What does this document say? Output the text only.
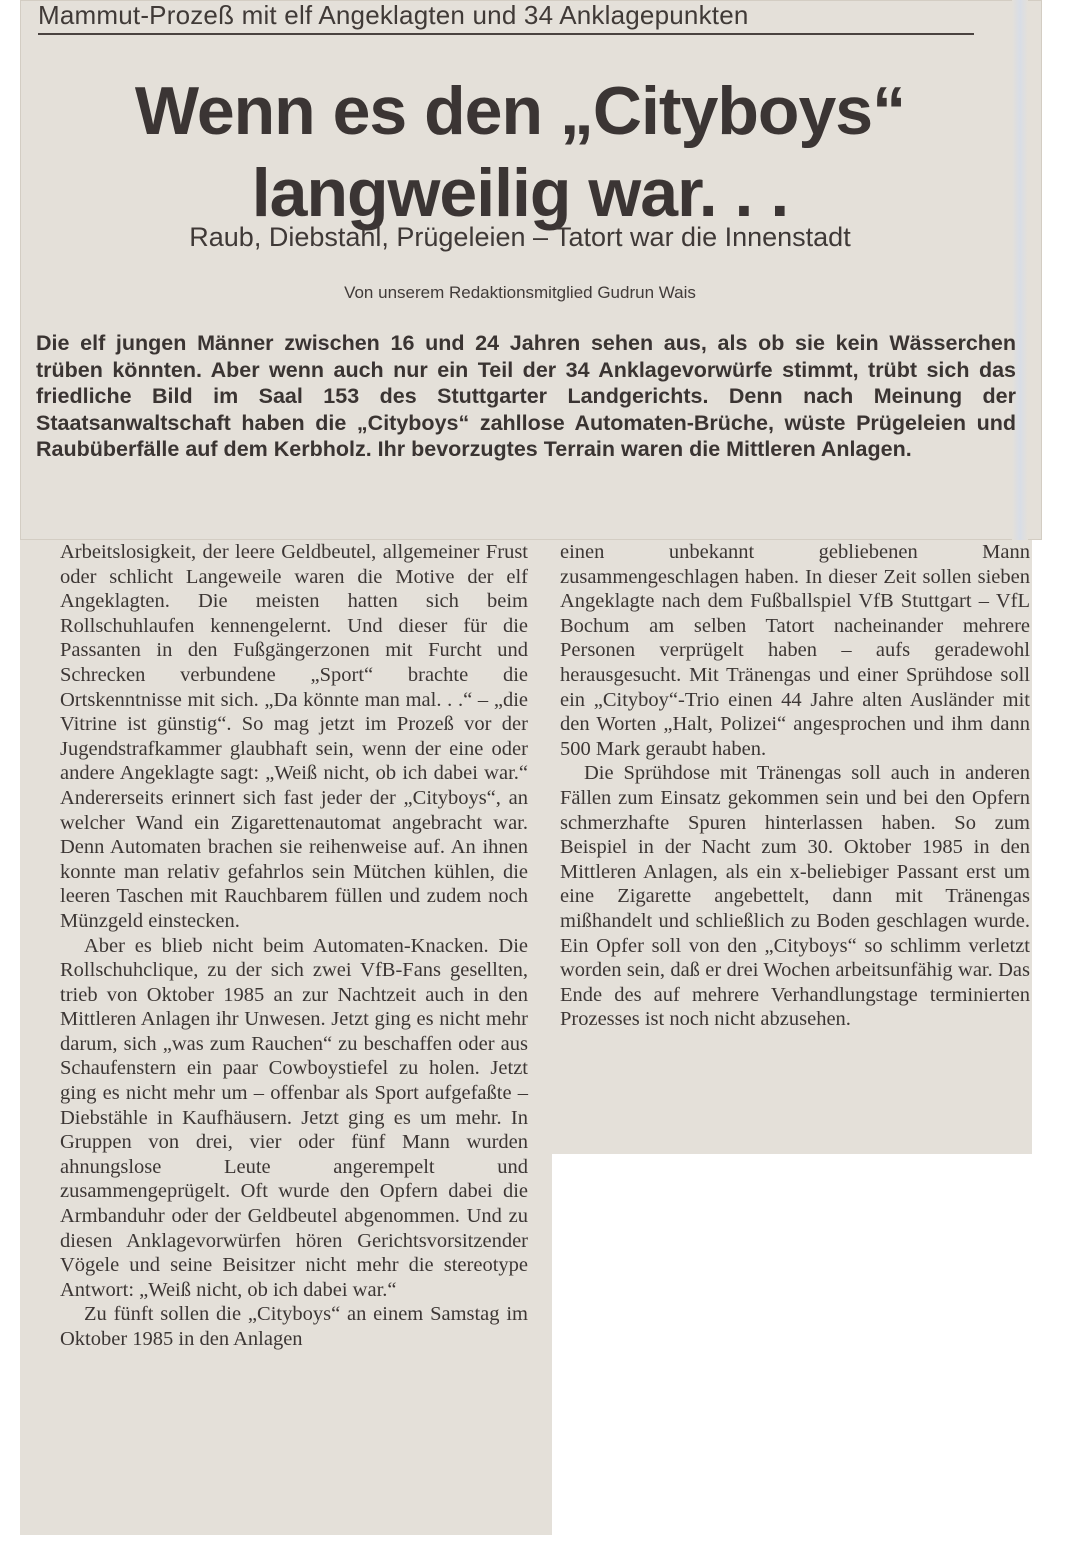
Mammut-Prozeß mit elf Angeklagten und 34 Anklagepunkten
Wenn es den „Cityboys“
langweilig war. . .
Raub, Diebstahl, Prügeleien – Tatort war die Innenstadt
Von unserem Redaktionsmitglied Gudrun Wais

Die elf jungen Männer zwischen 16 und 24 Jahren sehen aus, als ob sie kein Wässerchen trüben könnten. Aber wenn auch nur ein Teil der 34 Anklagevorwürfe stimmt, trübt sich das friedliche Bild im Saal 153 des Stuttgarter Landgerichts. Denn nach Meinung der Staatsanwaltschaft haben die „Cityboys“ zahllose Automaten-Brüche, wüste Prügeleien und Raubüberfälle auf dem Kerbholz. Ihr bevorzugtes Terrain waren die Mittleren Anlagen.

Arbeitslosigkeit, der leere Geldbeutel, allgemeiner Frust oder schlicht Langeweile waren die Motive der elf Angeklagten. Die meisten hatten sich beim Rollschuhlaufen kennengelernt. Und dieser für die Passanten in den Fußgängerzonen mit Furcht und Schrecken verbundene „Sport“ brachte die Ortskenntnisse mit sich. „Da könnte man mal. . .“ – „die Vitrine ist günstig“. So mag jetzt im Prozeß vor der Jugendstrafkammer glaubhaft sein, wenn der eine oder andere Angeklagte sagt: „Weiß nicht, ob ich dabei war.“ Andererseits erinnert sich fast jeder der „Cityboys“, an welcher Wand ein Zigarettenautomat angebracht war. Denn Automaten brachen sie reihenweise auf. An ihnen konnte man relativ gefahrlos sein Mütchen kühlen, die leeren Taschen mit Rauchbarem füllen und zudem noch Münzgeld einstecken.

Aber es blieb nicht beim Automaten-Knacken. Die Rollschuhclique, zu der sich zwei VfB-Fans gesellten, trieb von Oktober 1985 an zur Nachtzeit auch in den Mittleren Anlagen ihr Unwesen. Jetzt ging es nicht mehr darum, sich „was zum Rauchen“ zu beschaffen oder aus Schaufenstern ein paar Cowboystiefel zu holen. Jetzt ging es nicht mehr um – offenbar als Sport aufgefaßte – Diebstähle in Kaufhäusern. Jetzt ging es um mehr. In Gruppen von drei, vier oder fünf Mann wurden ahnungslose Leute angerempelt und zusammengeprügelt. Oft wurde den Opfern dabei die Armbanduhr oder der Geldbeutel abgenommen. Und zu diesen Anklagevorwürfen hören Gerichtsvorsitzender Vögele und seine Beisitzer nicht mehr die stereotype Antwort: „Weiß nicht, ob ich dabei war.“

Zu fünft sollen die „Cityboys“ an einem Samstag im Oktober 1985 in den Anlagen

einen unbekannt gebliebenen Mann zusammengeschlagen haben. In dieser Zeit sollen sieben Angeklagte nach dem Fußballspiel VfB Stuttgart – VfL Bochum am selben Tatort nacheinander mehrere Personen verprügelt haben – aufs geradewohl herausgesucht. Mit Tränengas und einer Sprühdose soll ein „Cityboy“-Trio einen 44 Jahre alten Ausländer mit den Worten „Halt, Polizei“ angesprochen und ihm dann 500 Mark geraubt haben.

Die Sprühdose mit Tränengas soll auch in anderen Fällen zum Einsatz gekommen sein und bei den Opfern schmerzhafte Spuren hinterlassen haben. So zum Beispiel in der Nacht zum 30. Oktober 1985 in den Mittleren Anlagen, als ein x-beliebiger Passant erst um eine Zigarette angebettelt, dann mit Tränengas mißhandelt und schließlich zu Boden geschlagen wurde. Ein Opfer soll von den „Cityboys“ so schlimm verletzt worden sein, daß er drei Wochen arbeitsunfähig war. Das Ende des auf mehrere Verhandlungstage terminierten Prozesses ist noch nicht abzusehen.
